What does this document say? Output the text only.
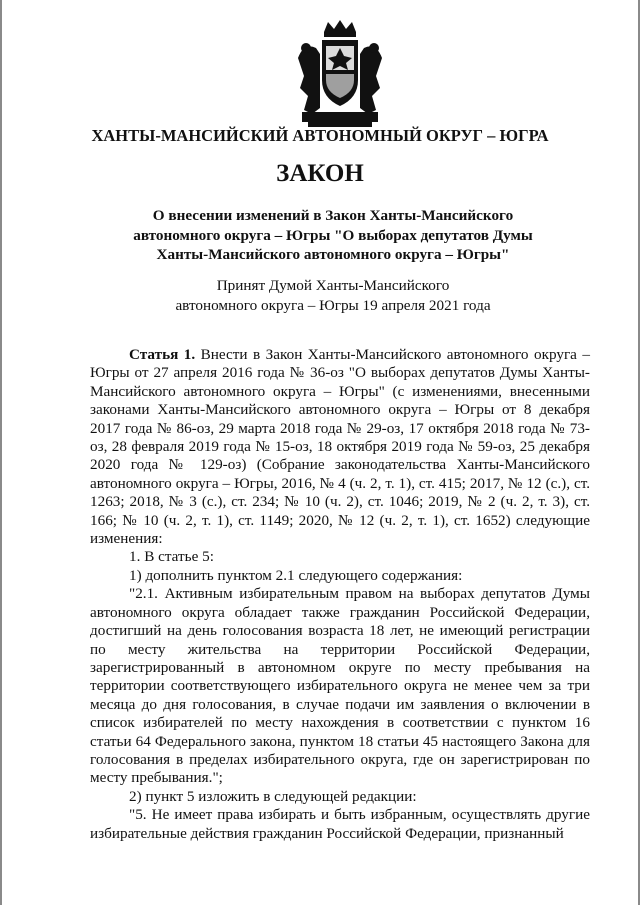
ХАНТЫ-МАНСИЙСКИЙ АВТОНОМНЫЙ ОКРУГ – ЮГРА
ЗАКОН
О внесении изменений в Закон Ханты-Мансийского
автономного округа – Югры "О выборах депутатов Думы
Ханты-Мансийского автономного округа – Югры"
Принят Думой Ханты-Мансийского
автономного округа – Югры 19 апреля 2021 года

Статья 1. Внести в Закон Ханты-Мансийского автономного округа – Югры от 27 апреля 2016 года № 36-оз "О выборах депутатов Думы Ханты-Мансийского автономного округа – Югры" (с изменениями, внесенными законами Ханты-Мансийского автономного округа – Югры от 8 декабря 2017 года № 86-оз, 29 марта 2018 года № 29-оз, 17 октября 2018 года № 73-оз, 28 февраля 2019 года № 15-оз, 18 октября 2019 года № 59-оз, 25 декабря 2020 года № 129-оз) (Собрание законодательства Ханты-Мансийского автономного округа – Югры, 2016, № 4 (ч. 2, т. 1), ст. 415; 2017, № 12 (с.), ст. 1263; 2018, № 3 (с.), ст. 234; № 10 (ч. 2), ст. 1046; 2019, № 2 (ч. 2, т. 3), ст. 166; № 10 (ч. 2, т. 1), ст. 1149; 2020, № 12 (ч. 2, т. 1), ст. 1652) следующие изменения:

1. В статье 5:

1) дополнить пунктом 2.1 следующего содержания:

"2.1. Активным избирательным правом на выборах депутатов Думы автономного округа обладает также гражданин Российской Федерации, достигший на день голосования возраста 18 лет, не имеющий регистрации по месту жительства на территории Российской Федерации, зарегистрированный в автономном округе по месту пребывания на территории соответствующего избирательного округа не менее чем за три месяца до дня голосования, в случае подачи им заявления о включении в список избирателей по месту нахождения в соответствии с пунктом 16 статьи 64 Федерального закона, пунктом 18 статьи 45 настоящего Закона для голосования в пределах избирательного округа, где он зарегистрирован по месту пребывания.";

2) пункт 5 изложить в следующей редакции:

"5. Не имеет права избирать и быть избранным, осуществлять другие избирательные действия гражданин Российской Федерации, признанный
